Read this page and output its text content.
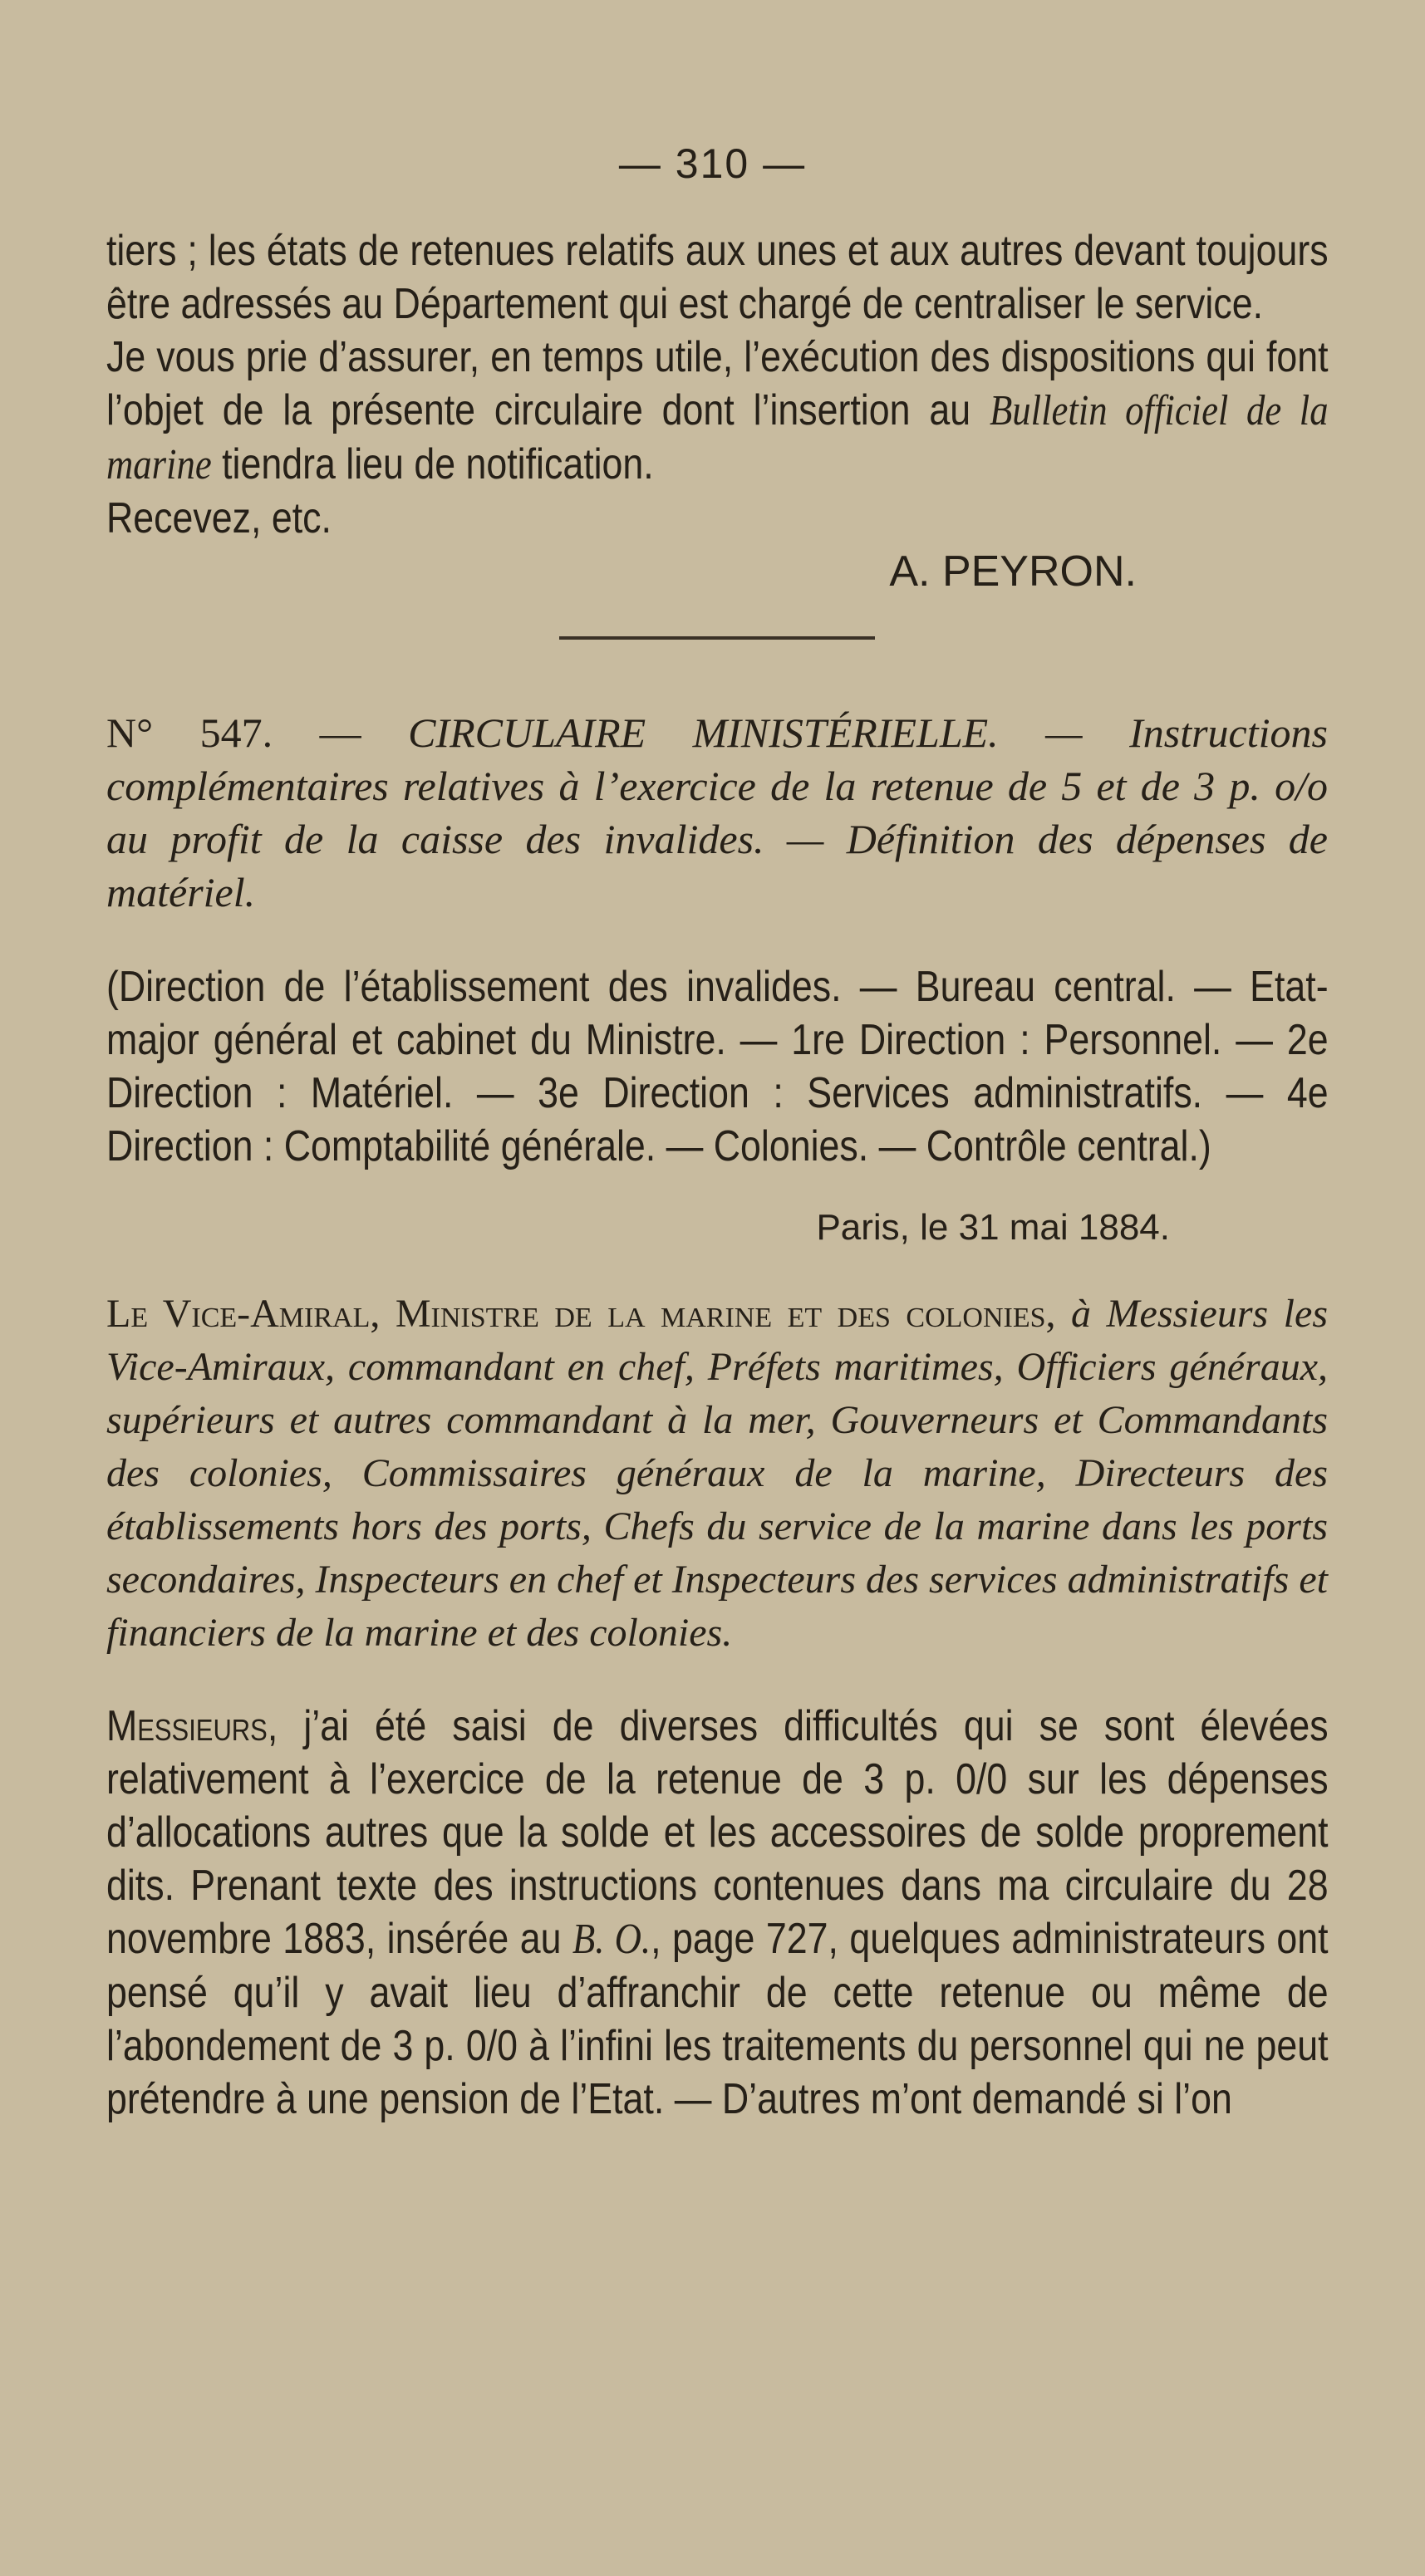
— 310 —

tiers ; les états de retenues relatifs aux unes et aux autres devant toujours être adressés au Département qui est chargé de centraliser le service.

Je vous prie d’assurer, en temps utile, l’exécution des dispositions qui font l’objet de la présente circulaire dont l’insertion au Bulletin officiel de la marine tiendra lieu de notification.

Recevez, etc.

A. PEYRON.

N° 547. — CIRCULAIRE MINISTÉRIELLE. — Instructions complémentaires relatives à l’exercice de la retenue de 5 et de 3 p. o/o au profit de la caisse des invalides. — Définition des dépenses de matériel.

(Direction de l’établissement des invalides. — Bureau central. — Etat-major général et cabinet du Ministre. — 1re Direction : Personnel. — 2e Direction : Matériel. — 3e Direction : Services administratifs. — 4e Direction : Comptabilité générale. — Colonies. — Contrôle central.)

Paris, le 31 mai 1884.

Le Vice-Amiral, Ministre de la marine et des colonies, à Messieurs les Vice-Amiraux, commandant en chef, Préfets maritimes, Officiers généraux, supérieurs et autres commandant à la mer, Gouverneurs et Commandants des colonies, Commissaires généraux de la marine, Directeurs des établissements hors des ports, Chefs du service de la marine dans les ports secondaires, Inspecteurs en chef et Inspecteurs des services administratifs et financiers de la marine et des colonies.

Messieurs, j’ai été saisi de diverses difficultés qui se sont élevées relativement à l’exercice de la retenue de 3 p. 0/0 sur les dépenses d’allocations autres que la solde et les accessoires de solde proprement dits. Prenant texte des instructions contenues dans ma circulaire du 28 novembre 1883, insérée au B. O., page 727, quelques administrateurs ont pensé qu’il y avait lieu d’affranchir de cette retenue ou même de l’abondement de 3 p. 0/0 à l’infini les traitements du personnel qui ne peut prétendre à une pension de l’Etat. — D’autres m’ont demandé si l’on
